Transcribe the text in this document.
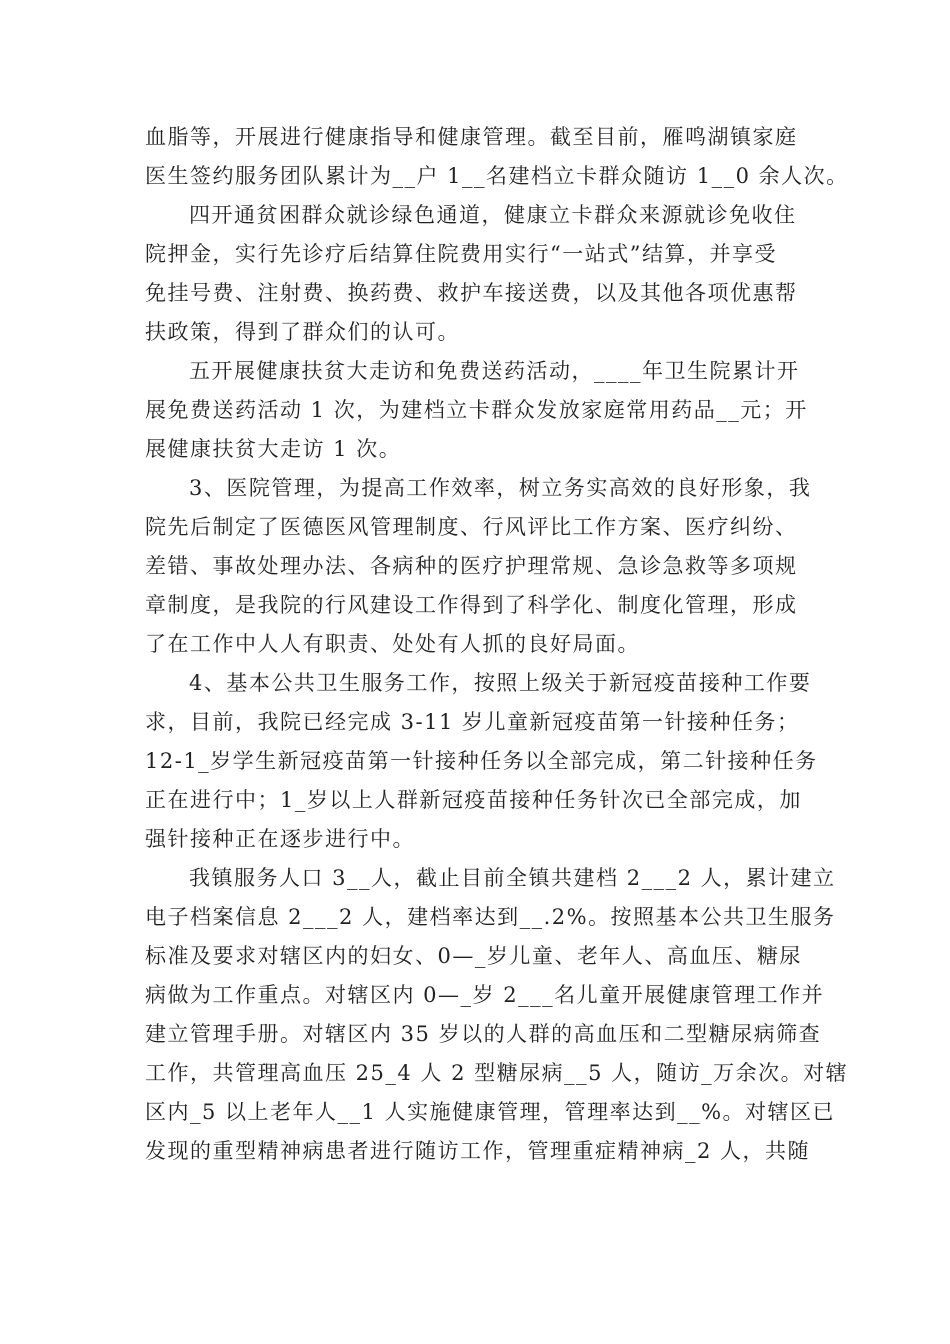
血脂等，开展进行健康指导和健康管理。截至目前，雁鸣湖镇家庭
医生签约服务团队累计为__户 1__名建档立卡群众随访 1__0 余人次。

四开通贫困群众就诊绿色通道，健康立卡群众来源就诊免收住
院押金，实行先诊疗后结算住院费用实行“一站式”结算，并享受
免挂号费、注射费、换药费、救护车接送费，以及其他各项优惠帮
扶政策，得到了群众们的认可。

五开展健康扶贫大走访和免费送药活动，____年卫生院累计开
展免费送药活动 1 次，为建档立卡群众发放家庭常用药品__元；开
展健康扶贫大走访 1 次。

3、医院管理，为提高工作效率，树立务实高效的良好形象，我
院先后制定了医德医风管理制度、行风评比工作方案、医疗纠纷、
差错、事故处理办法、各病种的医疗护理常规、急诊急救等多项规
章制度，是我院的行风建设工作得到了科学化、制度化管理，形成
了在工作中人人有职责、处处有人抓的良好局面。

4、基本公共卫生服务工作，按照上级关于新冠疫苗接种工作要
求，目前，我院已经完成 3-11 岁儿童新冠疫苗第一针接种任务；
12-1_岁学生新冠疫苗第一针接种任务以全部完成，第二针接种任务
正在进行中；1_岁以上人群新冠疫苗接种任务针次已全部完成，加
强针接种正在逐步进行中。

我镇服务人口 3__人，截止目前全镇共建档 2___2 人，累计建立
电子档案信息 2___2 人，建档率达到__.2%。按照基本公共卫生服务
标准及要求对辖区内的妇女、0—_岁儿童、老年人、高血压、糖尿
病做为工作重点。对辖区内 0—_岁 2___名儿童开展健康管理工作并
建立管理手册。对辖区内 35 岁以的人群的高血压和二型糖尿病筛查
工作，共管理高血压 25_4 人 2 型糖尿病__5 人，随访_万余次。对辖
区内_5 以上老年人__1 人实施健康管理，管理率达到__%。对辖区已
发现的重型精神病患者进行随访工作，管理重症精神病_2 人，共随
